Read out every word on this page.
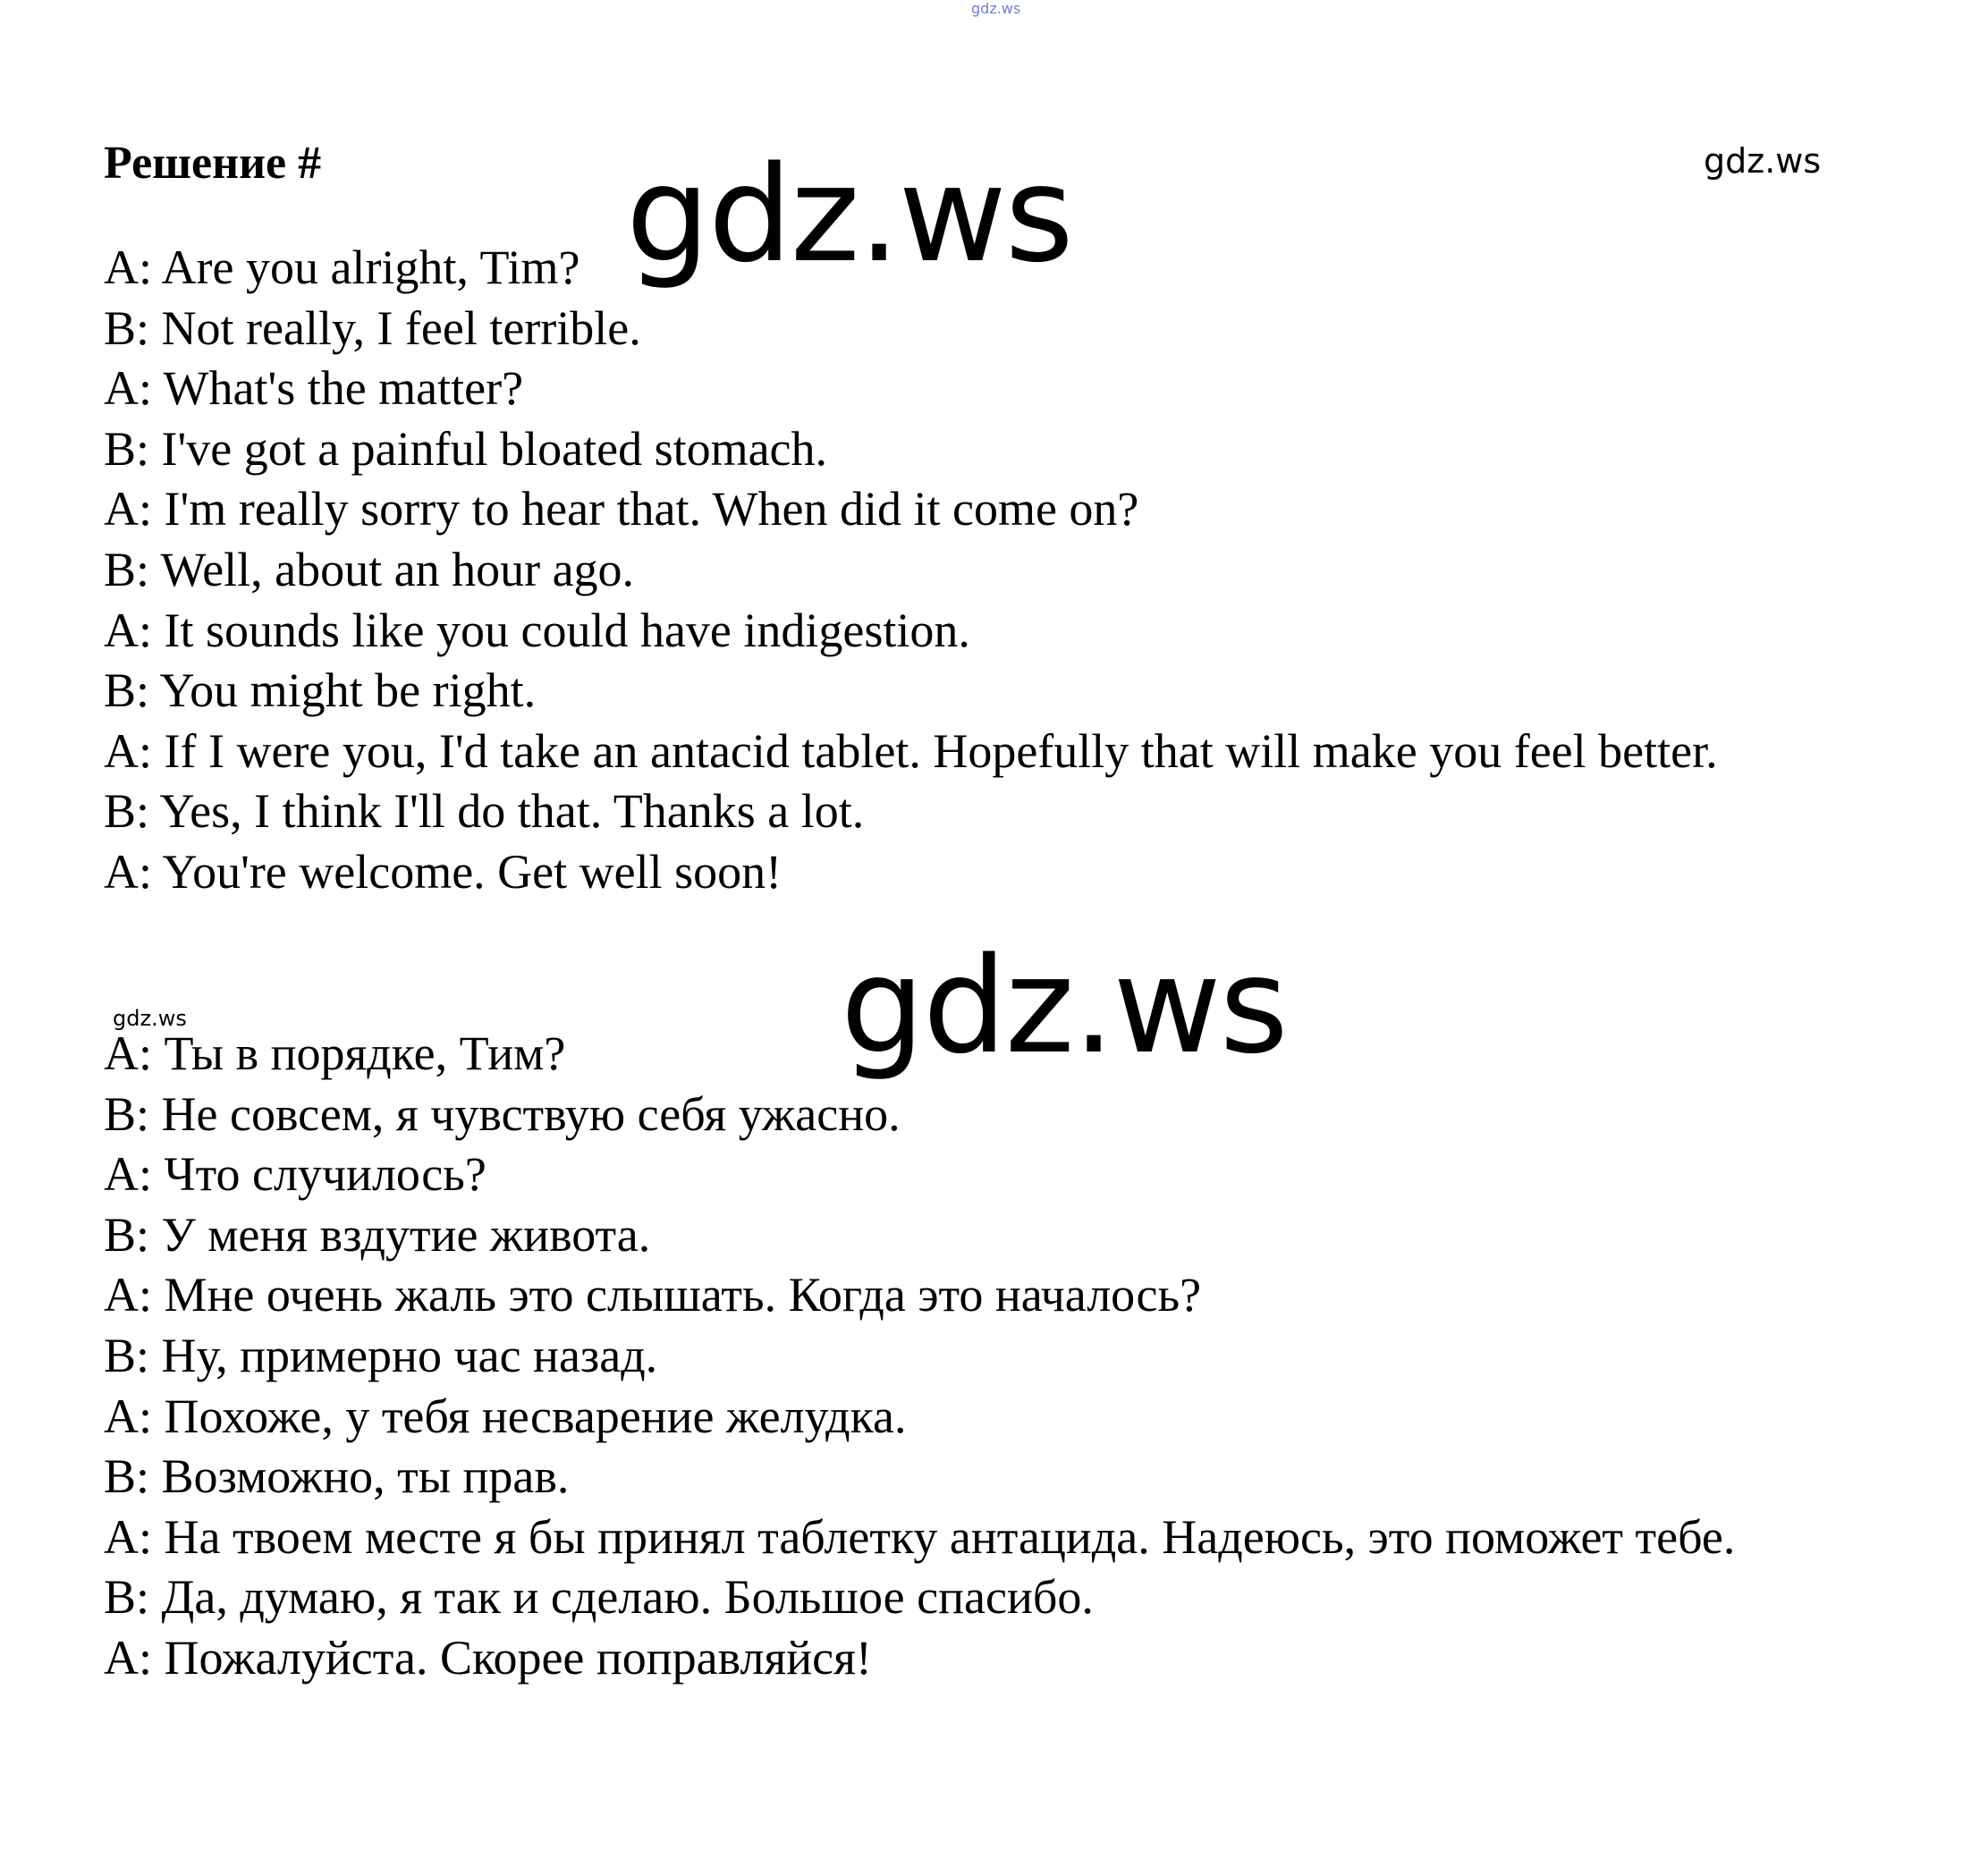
gdz.ws
Решение #	gdz.ws
gdz.ws
A: Are you alright, Tim?
B: Not really, I feel terrible.
A: What's the matter?
B: I've got a painful bloated stomach.
A: I'm really sorry to hear that. When did it come on?
B: Well, about an hour ago.
A: It sounds like you could have indigestion.
B: You might be right.
A: If I were you, I'd take an antacid tablet. Hopefully that will make you feel better.
B: Yes, I think I'll do that. Thanks a lot.
A: You're welcome. Get well soon!
gdz.ws
gdz.ws
A: Ты в порядке, Тим?
B: Не совсем, я чувствую себя ужасно.
A: Что случилось?
B: У меня вздутие живота.
A: Мне очень жаль это слышать. Когда это началось?
B: Ну, примерно час назад.
A: Похоже, у тебя несварение желудка.
B: Возможно, ты прав.
A: На твоем месте я бы принял таблетку антацида. Надеюсь, это поможет тебе.
B: Да, думаю, я так и сделаю. Большое спасибо.
A: Пожалуйста. Скорее поправляйся!
